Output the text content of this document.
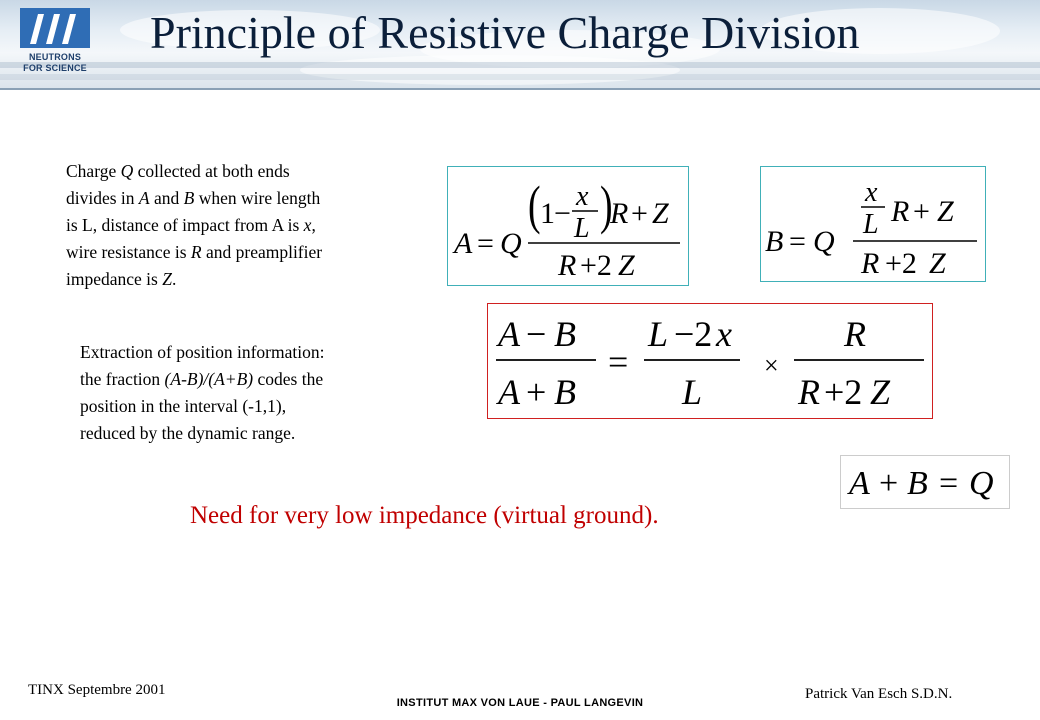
NEUTRONS
FOR SCIENCE
Principle of Resistive Charge Division
Charge Q collected at both ends
divides in A and B when wire length
is L, distance of impact from A is x,
wire resistance is R and preamplifier
impedance is Z.
Extraction of position information:
the fraction (A-B)/(A+B) codes the
position in the interval (-1,1),
reduced by the dynamic range.
A = Q
( 1 −
x
L )
R + Z
R +2 Z
B = Q
x
L R + Z
R +2 Z
A − B
A + B
=
L −2 x
L
×
R
R +2 Z
A + B = Q
Need for very low impedance (virtual ground).
TINX Septembre 2001
INSTITUT MAX VON LAUE - PAUL LANGEVIN
Patrick Van Esch S.D.N.
